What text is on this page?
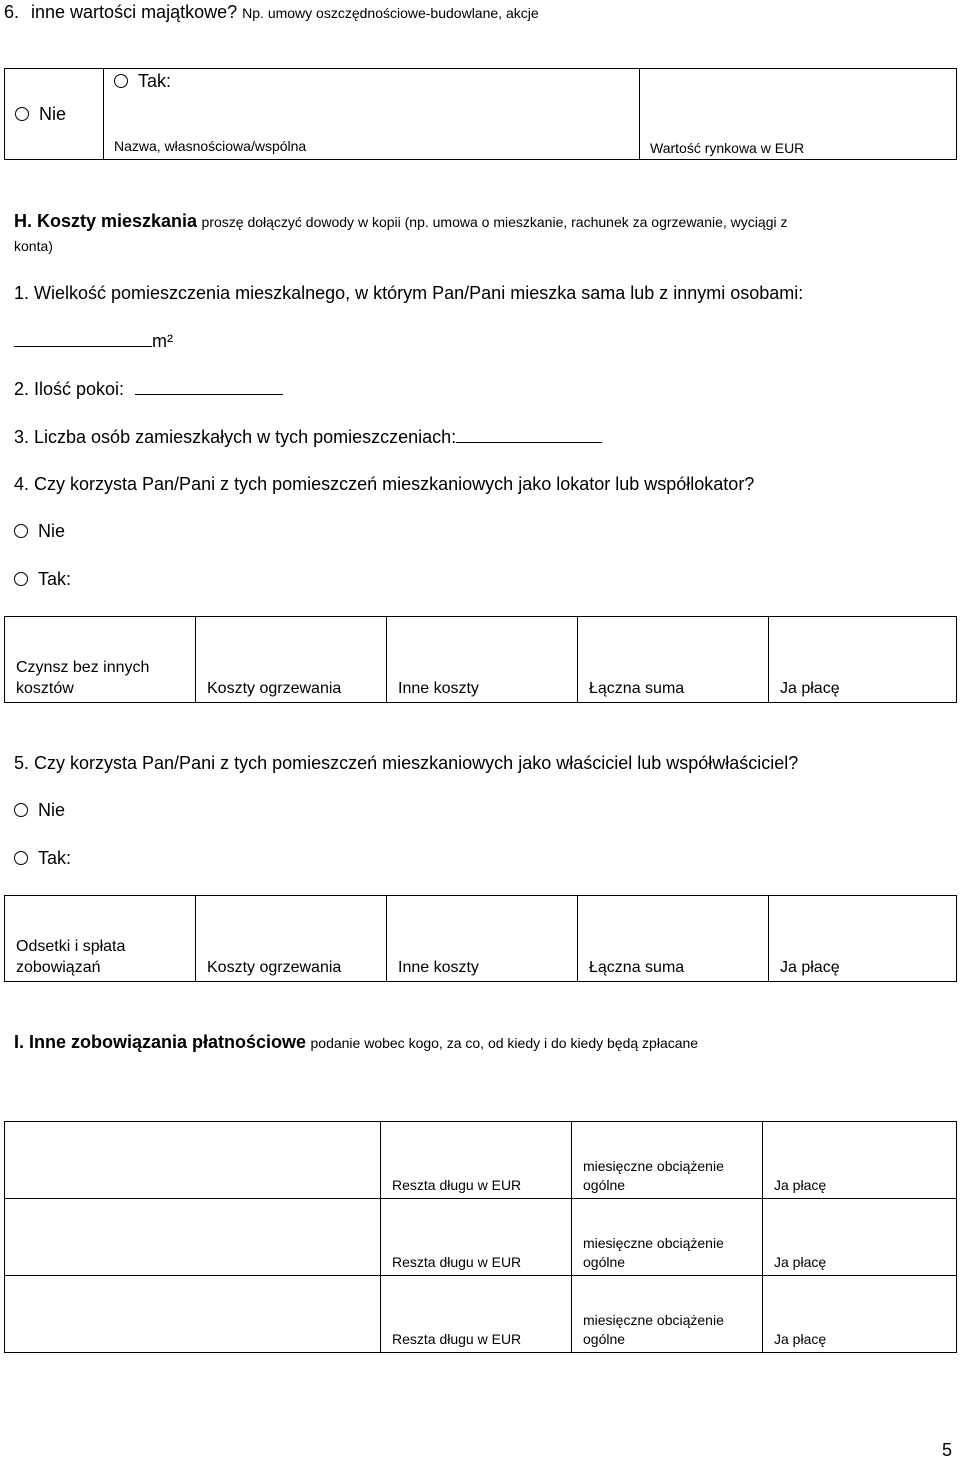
6. inne wartości majątkowe? Np. umowy oszczędnościowe-budowlane, akcje
Nie	Tak:
Nazwa, własnościowa/wspólna	Wartość rynkowa w EUR
H. Koszty mieszkania proszę dołączyć dowody w kopii (np. umowa o mieszkanie, rachunek za ogrzewanie, wyciągi z
konta)
1. Wielkość pomieszczenia mieszkalnego, w którym Pan/Pani mieszka sama lub z innymi osobami:
m²
2. Ilość pokoi:
3. Liczba osób zamieszkałych w tych pomieszczeniach:
4. Czy korzysta Pan/Pani z tych pomieszczeń mieszkaniowych jako lokator lub współlokator?
Nie
Tak:
Czynsz bez innych
kosztów	Koszty ogrzewania	Inne koszty	Łączna suma	Ja płacę
5. Czy korzysta Pan/Pani z tych pomieszczeń mieszkaniowych jako właściciel lub współwłaściciel?
Nie
Tak:
Odsetki i spłata
zobowiązań	Koszty ogrzewania	Inne koszty	Łączna suma	Ja płacę
I. Inne zobowiązania płatnościowe podanie wobec kogo, za co, od kiedy i do kiedy będą zpłacane
	Reszta długu w EUR	miesięczne obciążenie
ogólne	Ja płacę
	Reszta długu w EUR	miesięczne obciążenie
ogólne	Ja płacę
	Reszta długu w EUR	miesięczne obciążenie
ogólne	Ja płacę
5
